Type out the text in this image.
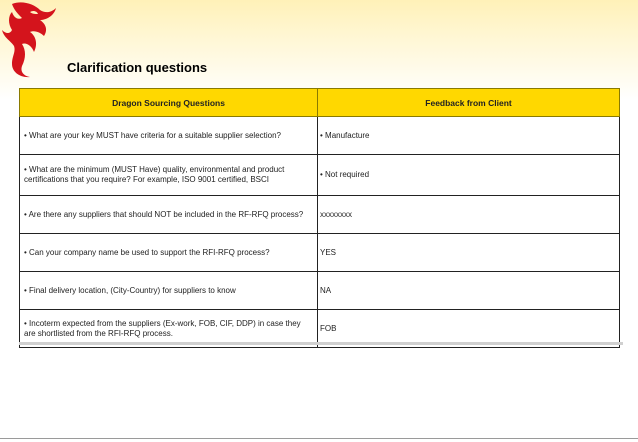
Clarification questions
Dragon Sourcing Questions	Feedback from Client
• What are your key MUST have criteria for a suitable supplier selection?	• Manufacture
• What are the minimum (MUST Have) quality, environmental and product certifications that you require? For example, ISO 9001 certified, BSCI	• Not required
• Are there any suppliers that should NOT be included in the RF-RFQ process?	xxxxxxxx
• Can your company name be used to support the RFI-RFQ process?	YES
• Final delivery location, (City-Country) for suppliers to know	NA
• Incoterm expected from the suppliers (Ex-work, FOB, CIF, DDP) in case they are shortlisted from the RFI-RFQ process.	FOB
